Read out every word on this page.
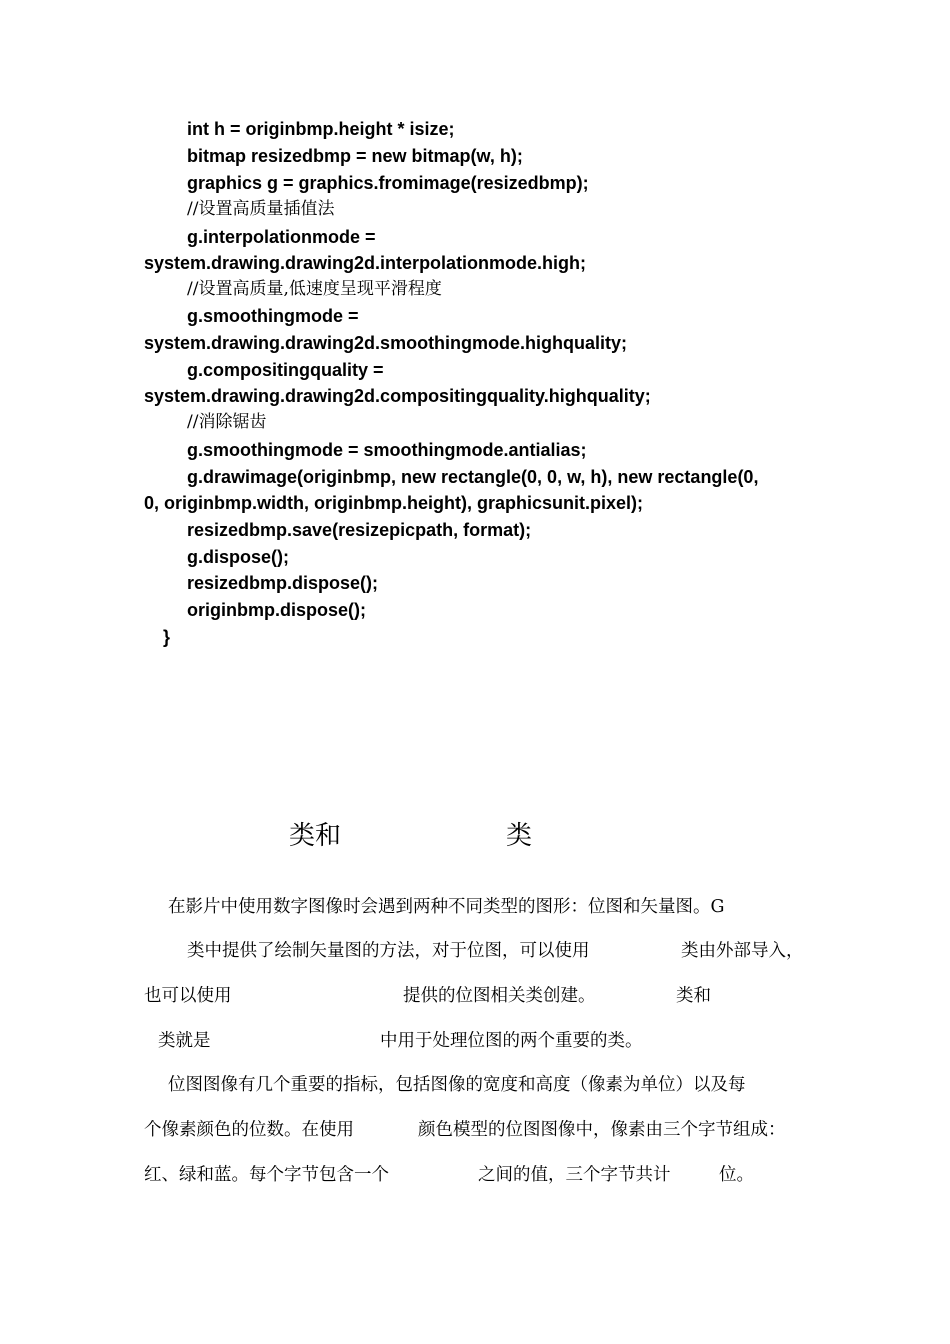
int h = originbmp.height * isize;
bitmap resizedbmp = new bitmap(w, h);
graphics g = graphics.fromimage(resizedbmp);
//设置高质量插值法
g.interpolationmode =
system.drawing.drawing2d.interpolationmode.high;
//设置高质量,低速度呈现平滑程度
g.smoothingmode =
system.drawing.drawing2d.smoothingmode.highquality;
g.compositingquality =
system.drawing.drawing2d.compositingquality.highquality;
//消除锯齿
g.smoothingmode = smoothingmode.antialias;
g.drawimage(originbmp, new rectangle(0, 0, w, h), new rectangle(0,
0, originbmp.width, originbmp.height), graphicsunit.pixel);
resizedbmp.save(resizepicpath, format);
g.dispose();
resizedbmp.dispose();
originbmp.dispose();
}
类和	类
在影片中使用数字图像时会遇到两种不同类型的图形：位图和矢量图。G
类中提供了绘制矢量图的方法，对于位图，可以使用	类由外部导入，
也可以使用	提供的位图相关类创建。	类和
类就是	中用于处理位图的两个重要的类。
位图图像有几个重要的指标，包括图像的宽度和高度（像素为单位）以及每
个像素颜色的位数。在使用	颜色模型的位图图像中，像素由三个字节组成：
红、绿和蓝。每个字节包含一个	之间的值，三个字节共计	位。
